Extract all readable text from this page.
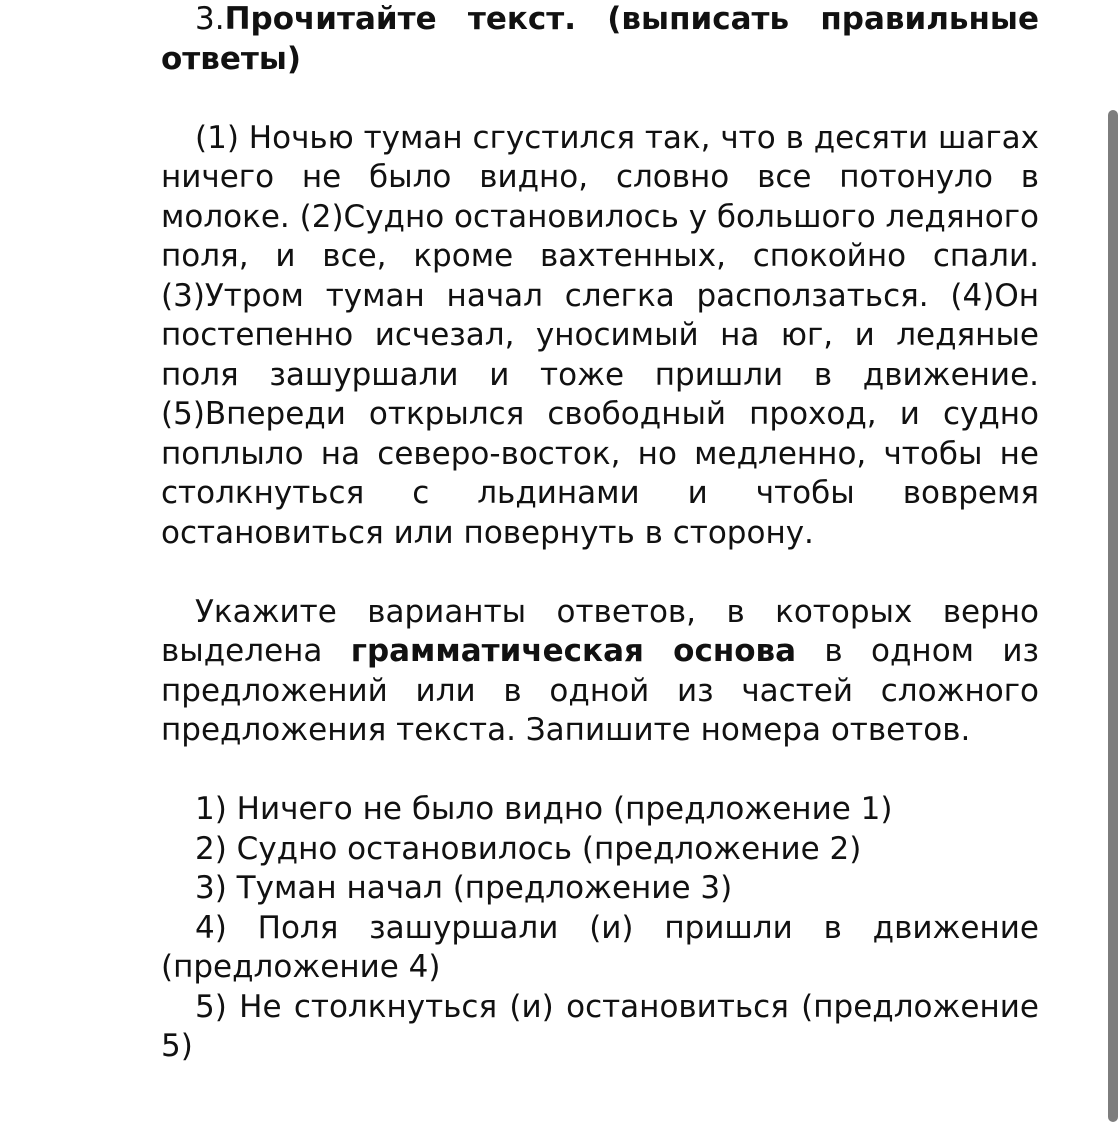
3.Прочитайте текст. (выписать правильные ответы)

(1) Ночью туман сгустился так, что в десяти шагах ничего не было видно, словно все потонуло в молоке. (2)Судно остановилось у большого ледяного поля, и все, кроме вахтенных, спокойно спали. (3)Утром туман начал слегка расползаться. (4)Он постепенно исчезал, уносимый на юг, и ледяные поля зашуршали и тоже пришли в движение. (5)Впереди открылся свободный проход, и судно поплыло на северо-восток, но медленно, чтобы не столкнуться с льдинами и чтобы вовремя остановиться или повернуть в сторону.

Укажите варианты ответов, в которых верно выделена грамматическая основа в одном из предложений или в одной из частей сложного предложения текста. Запишите номера ответов.

1) Ничего не было видно (предложение 1)
2) Судно остановилось (предложение 2)
3) Туман начал (предложение 3)
4) Поля зашуршали (и) пришли в движение (предложение 4)
5) Не столкнуться (и) остановиться (предложение 5)
